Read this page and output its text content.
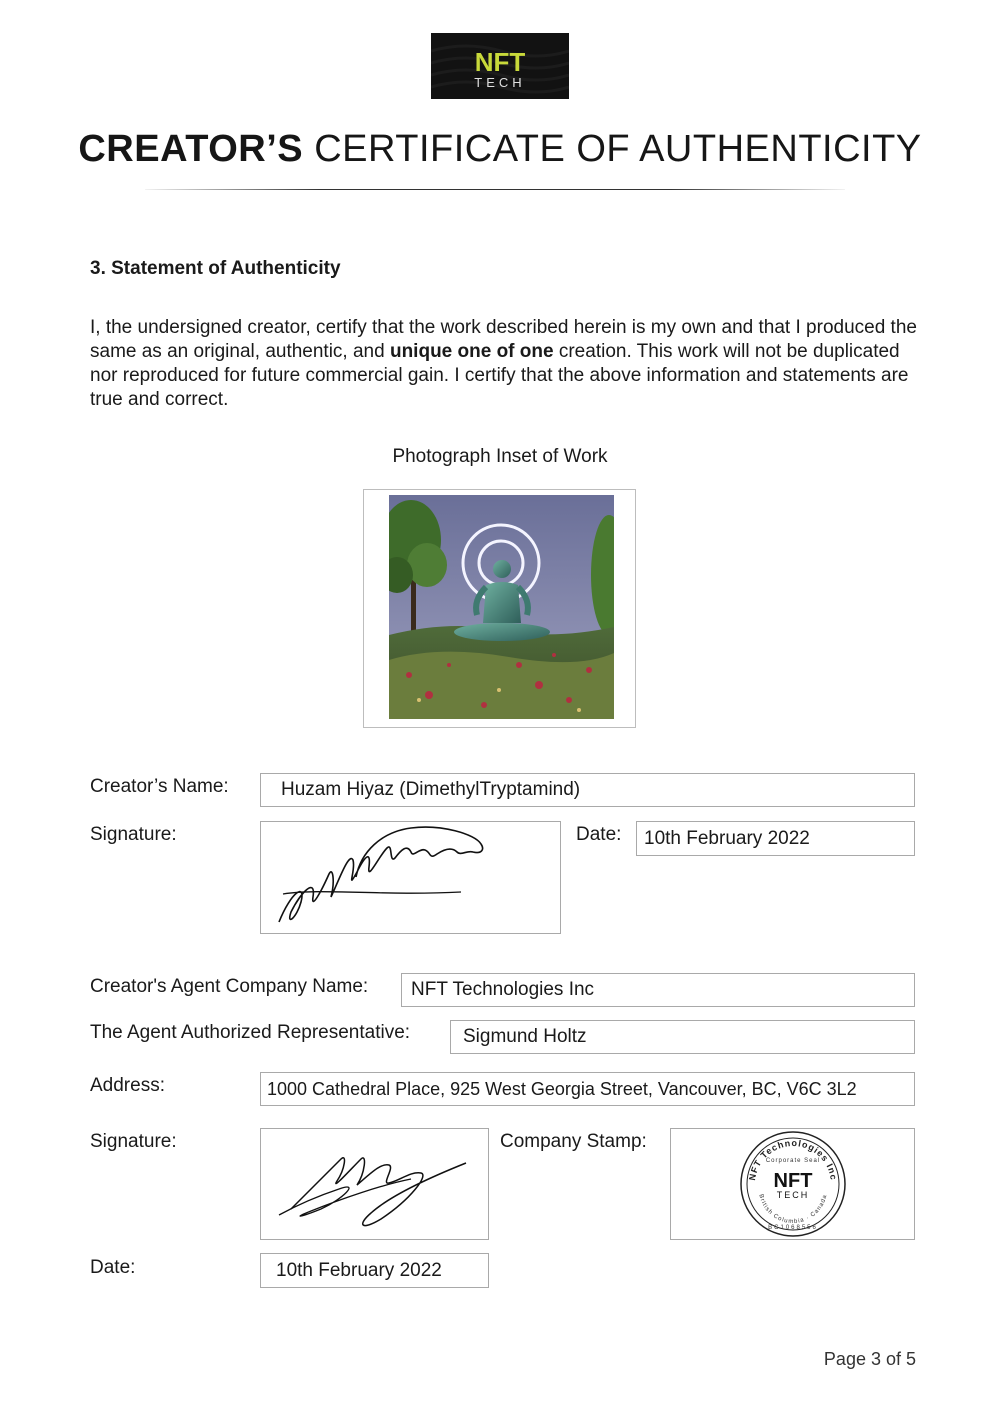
NFT
TECH
CREATOR’S CERTIFICATE OF AUTHENTICITY
3. Statement of Authenticity
I, the undersigned creator, certify that the work described herein is my own and that I produced the same as an original, authentic, and unique one of one creation. This work will not be duplicated nor reproduced for future commercial gain. I certify that the above information and statements are true and correct.
Photograph Inset of Work
Creator’s Name:	Huzam Hiyaz (DimethylTryptamind)
Signature:	Date:	10th February 2022
Creator's Agent Company Name:	NFT Technologies Inc
The Agent Authorized Representative:	Sigmund Holtz
Address:	1000 Cathedral Place, 925 West Georgia Street, Vancouver, BC, V6C 3L2
Signature:	Company Stamp:
NFT Technologies Inc
British Columbia · Canada
Corporate Seal
NFT
TECH
BC1068556
Date:	10th February 2022
Page 3 of 5
